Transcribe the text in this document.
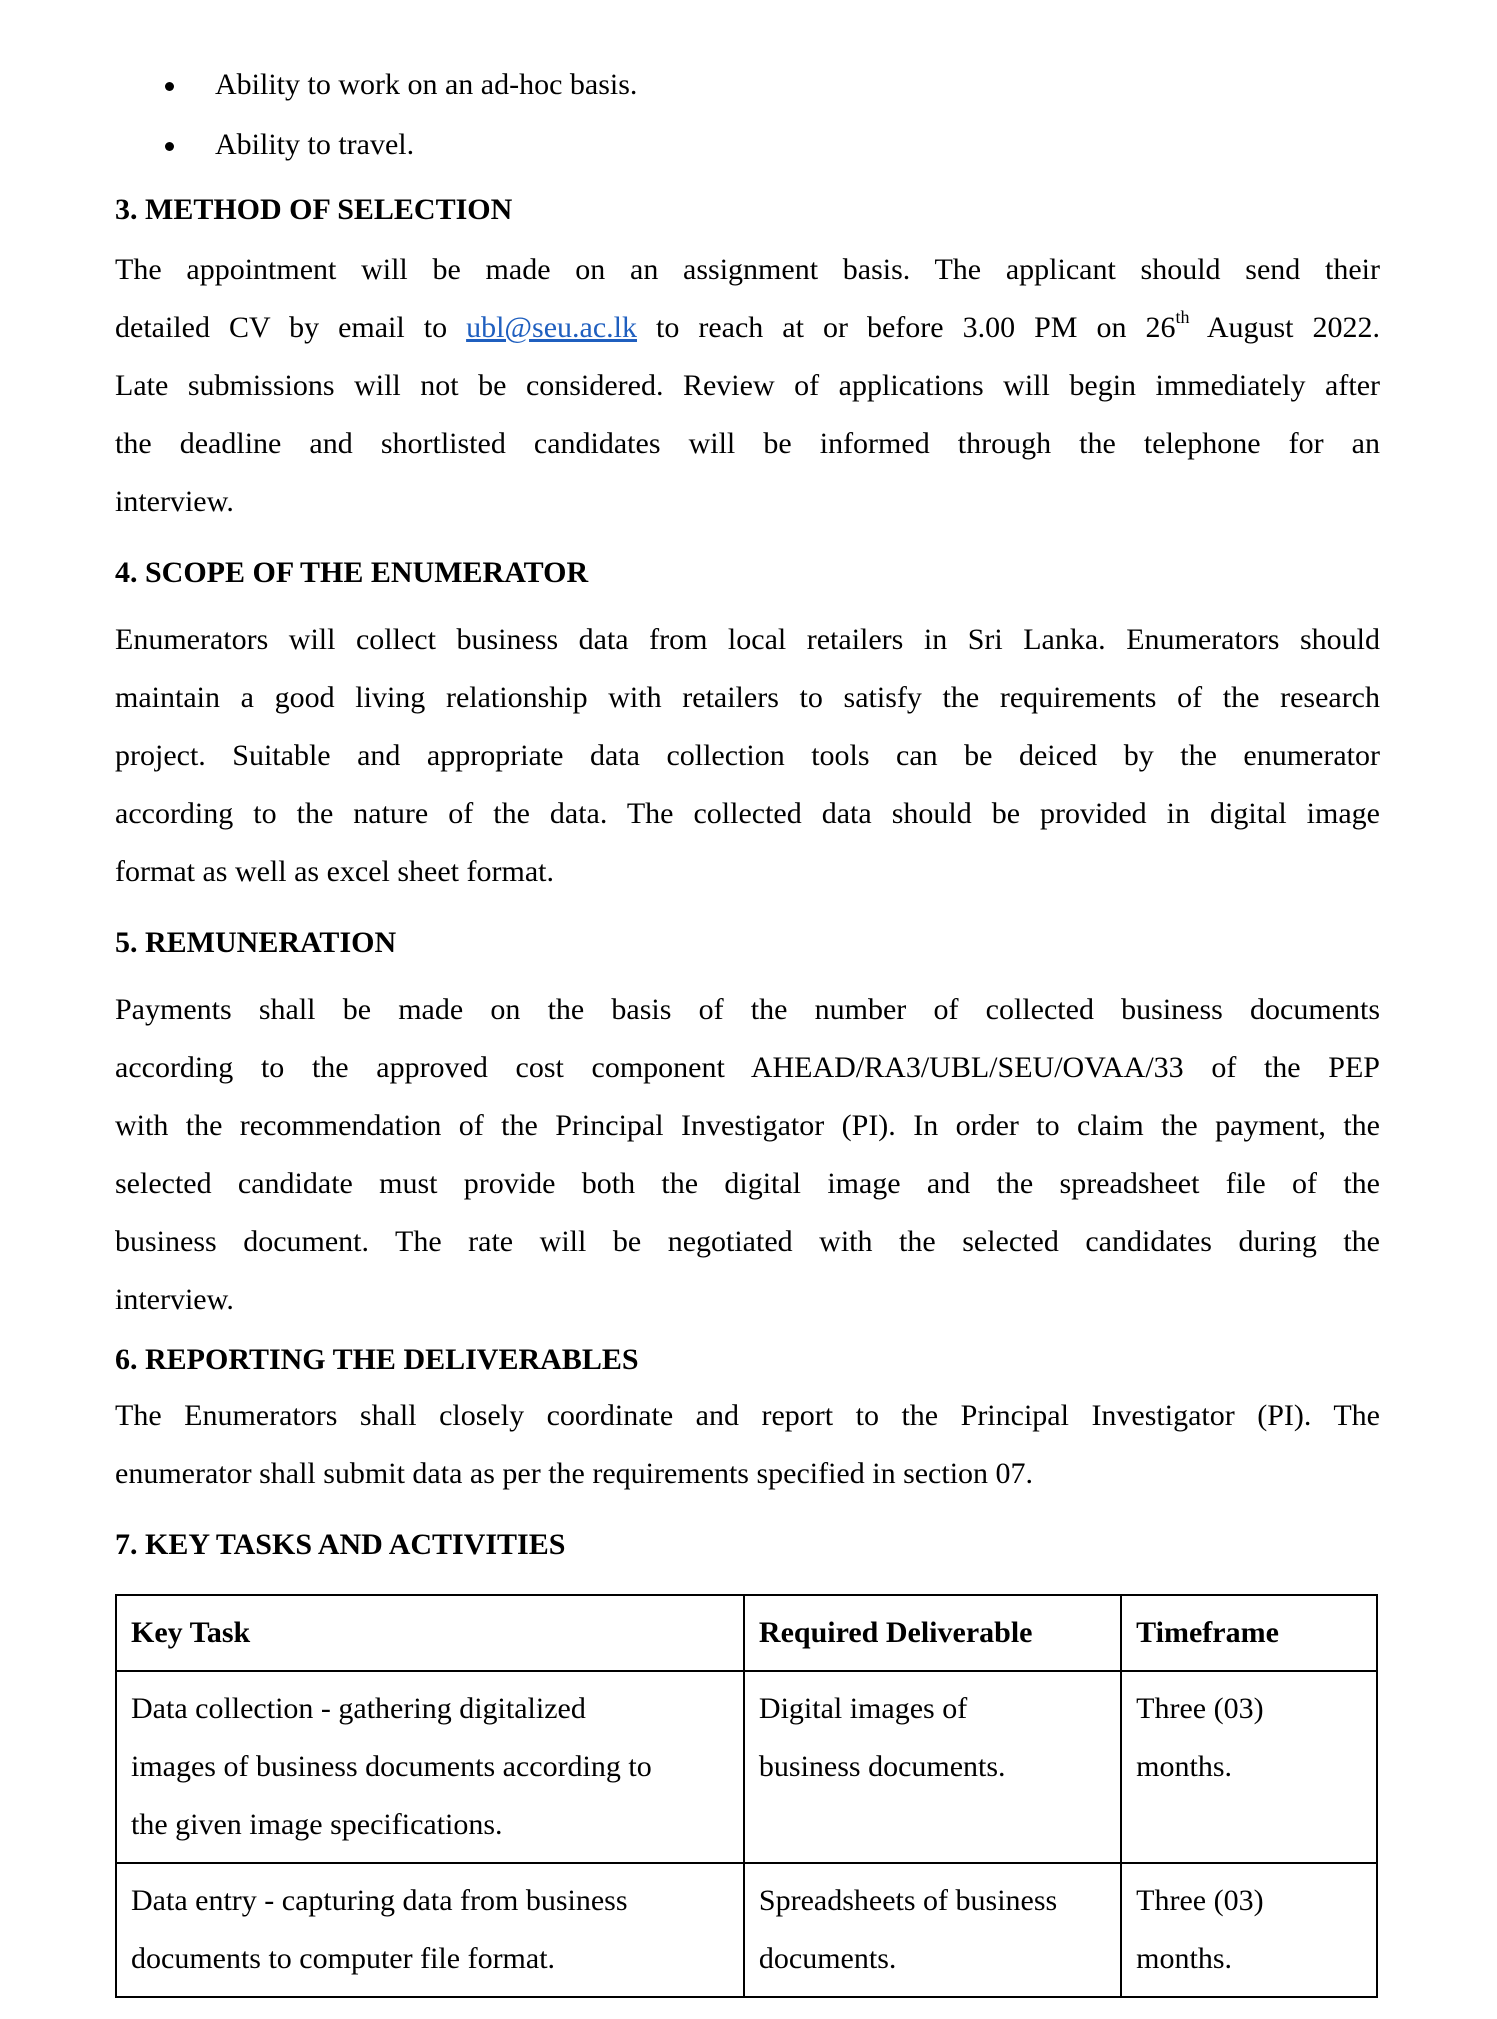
Ability to work on an ad-hoc basis.
Ability to travel.
3. METHOD OF SELECTION
The appointment will be made on an assignment basis. The applicant should send their
detailed CV by email to ubl@seu.ac.lk to reach at or before 3.00 PM on 26th August 2022.
Late submissions will not be considered. Review of applications will begin immediately after
the deadline and shortlisted candidates will be informed through the telephone for an
interview.
4. SCOPE OF THE ENUMERATOR
Enumerators will collect business data from local retailers in Sri Lanka. Enumerators should
maintain a good living relationship with retailers to satisfy the requirements of the research
project. Suitable and appropriate data collection tools can be deiced by the enumerator
according to the nature of the data. The collected data should be provided in digital image
format as well as excel sheet format.
5. REMUNERATION
Payments shall be made on the basis of the number of collected business documents
according to the approved cost component AHEAD/RA3/UBL/SEU/OVAA/33 of the PEP
with the recommendation of the Principal Investigator (PI). In order to claim the payment, the
selected candidate must provide both the digital image and the spreadsheet file of the
business document. The rate will be negotiated with the selected candidates during the
interview.
6. REPORTING THE DELIVERABLES
The Enumerators shall closely coordinate and report to the Principal Investigator (PI). The
enumerator shall submit data as per the requirements specified in section 07.
7. KEY TASKS AND ACTIVITIES
Key Task	Required Deliverable	Timeframe

Data collection - gathering digitalized
images of business documents according to
the given image specifications.	Digital images of
business documents.	Three (03)
months.

Data entry - capturing data from business
documents to computer file format.	Spreadsheets of business
documents.	Three (03)
months.
